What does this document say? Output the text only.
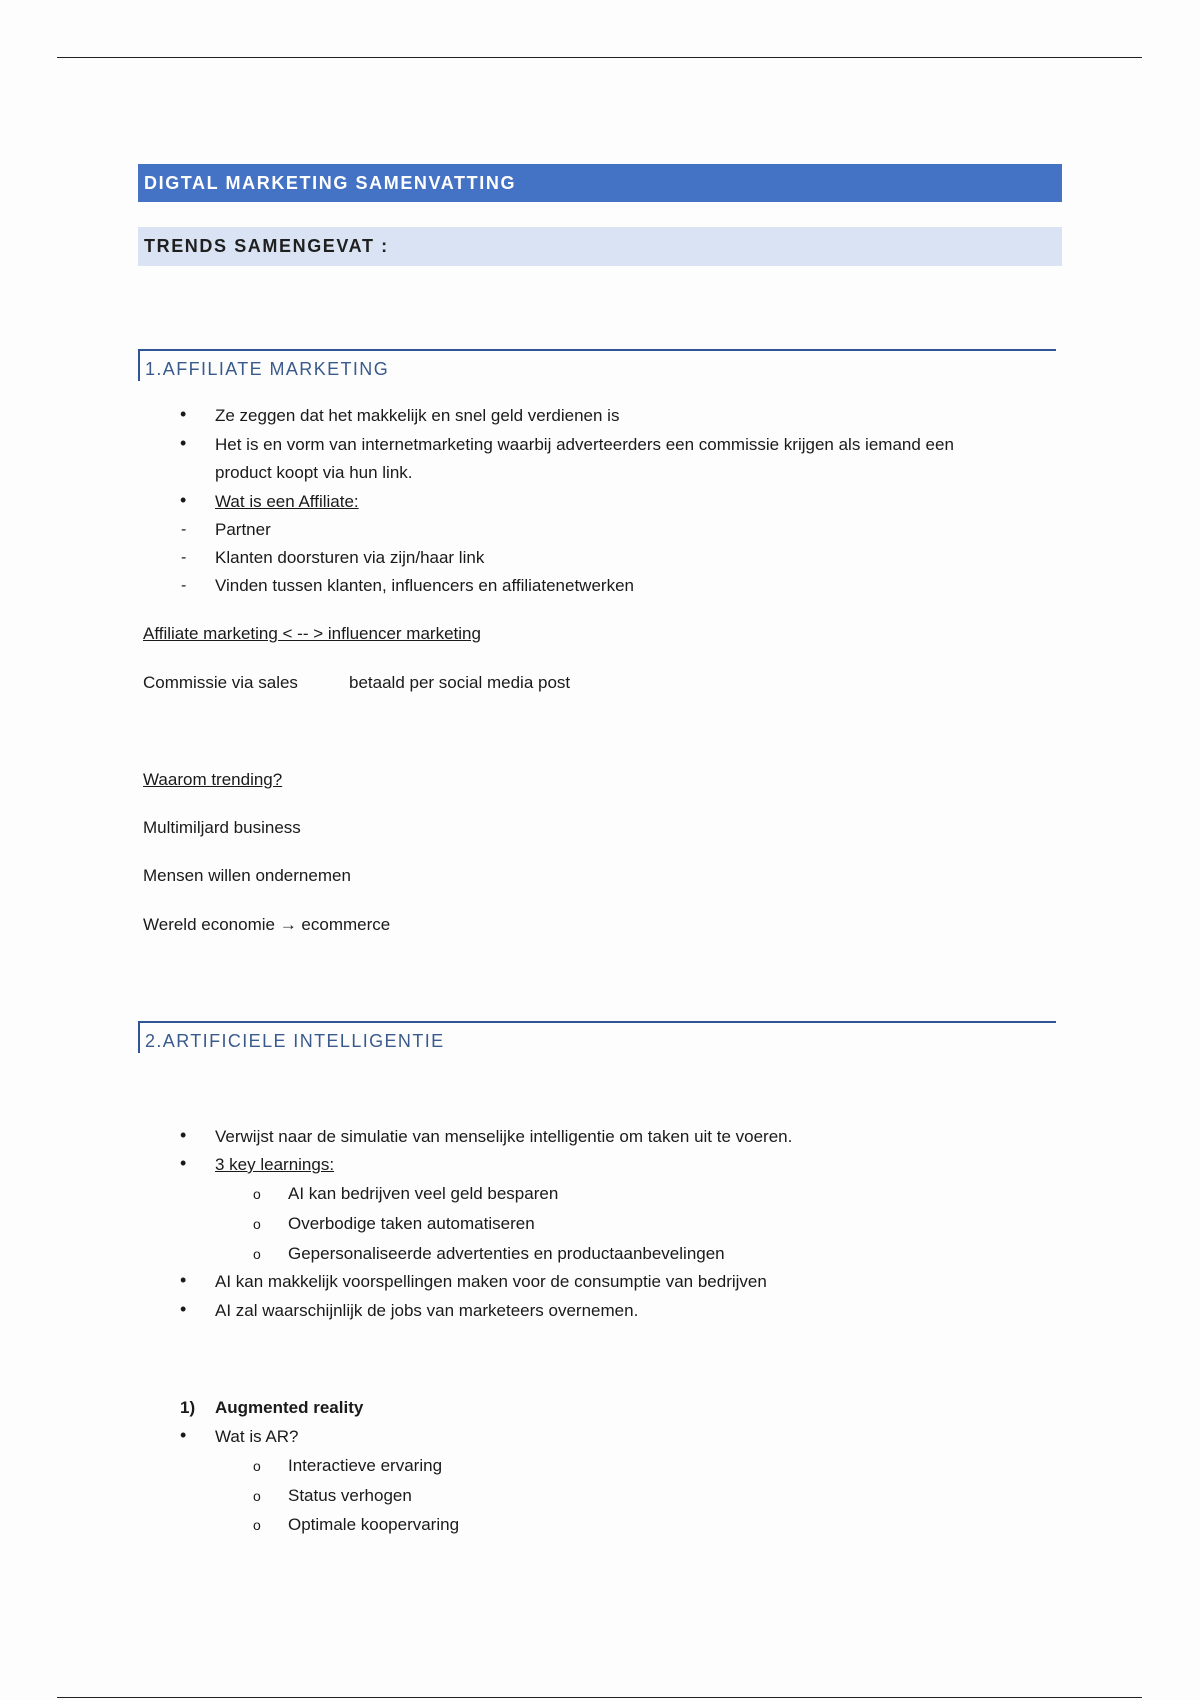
DIGTAL MARKETING SAMENVATTING
TRENDS SAMENGEVAT :
1.AFFILIATE MARKETING
• Ze zeggen dat het makkelijk en snel geld verdienen is
• Het is en vorm van internetmarketing waarbij adverteerders een commissie krijgen als iemand een
product koopt via hun link.
• Wat is een Affiliate:
- Partner
- Klanten doorsturen via zijn/haar link
- Vinden tussen klanten, influencers en affiliatenetwerken
Affiliate marketing < -- > influencer marketing
Commissie via sales	betaald per social media post
Waarom trending?
Multimiljard business
Mensen willen ondernemen
Wereld economie → ecommerce
2.ARTIFICIELE INTELLIGENTIE
• Verwijst naar de simulatie van menselijke intelligentie om taken uit te voeren.
• 3 key learnings:
o AI kan bedrijven veel geld besparen
o Overbodige taken automatiseren
o Gepersonaliseerde advertenties en productaanbevelingen
• AI kan makkelijk voorspellingen maken voor de consumptie van bedrijven
• AI zal waarschijnlijk de jobs van marketeers overnemen.
1) Augmented reality
• Wat is AR?
o Interactieve ervaring
o Status verhogen
o Optimale koopervaring
